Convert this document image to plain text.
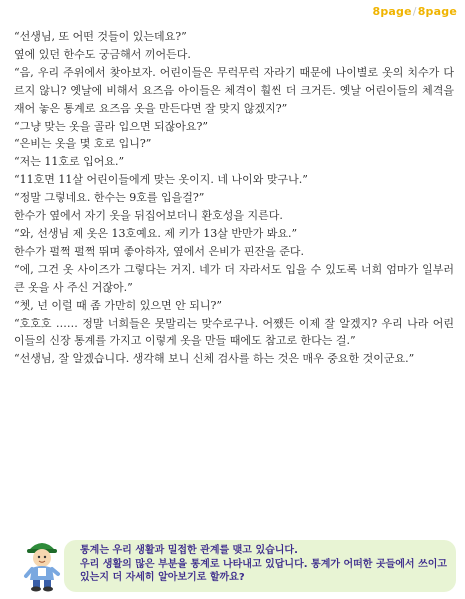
8page/8page

“선생님, 또 어떤 것들이 있는데요?”

옆에 있던 한수도 궁금해서 끼어든다.

“음, 우리 주위에서 찾아보자. 어린이들은 무럭무럭 자라기 때문에 나이별로 옷의 치수가 다르지 않니? 옛날에 비해서 요즈음 아이들은 체격이 훨씬 더 크거든. 옛날 어린이들의 체격을 재어 놓은 통계로 요즈음 옷을 만든다면 잘 맞지 않겠지?”

“그냥 맞는 옷을 골라 입으면 되잖아요?”

“은비는 옷을 몇 호로 입니?”

“저는 11호로 입어요.”

“11호면 11살 어린이들에게 맞는 옷이지. 네 나이와 맞구나.”

“정말 그렇네요. 한수는 9호를 입을걸?”

한수가 옆에서 자기 옷을 뒤집어보더니 환호성을 지른다.

“와, 선생님 제 옷은 13호예요. 제 키가 13살 반만가 봐요.”

한수가 펄쩍 펄쩍 뛰며 좋아하자, 옆에서 은비가 핀잔을 준다.

“에, 그건 옷 사이즈가 그렇다는 거지. 네가 더 자라서도 입을 수 있도록 너희 엄마가 일부러 큰 옷을 사 주신 거잖아.”

“쳇, 넌 이럴 때 좀 가만히 있으면 안 되니?”

“호호호 …… 정말 너희들은 못말리는 맞수로구나. 어쨌든 이제 잘 알겠지? 우리 나라 어린이들의 신장 통계를 가지고 이렇게 옷을 만들 때에도 참고로 한다는 걸.”

“선생님, 잘 알겠습니다. 생각해 보니 신체 검사를 하는 것은 매우 중요한 것이군요.”

통계는 우리 생활과 밀접한 관계를 맺고 있습니다.
우리 생활의 많은 부분을 통계로 나타내고 있답니다. 통계가 어떠한 곳들에서 쓰이고 있는지 더 자세히 알아보기로 할까요?
